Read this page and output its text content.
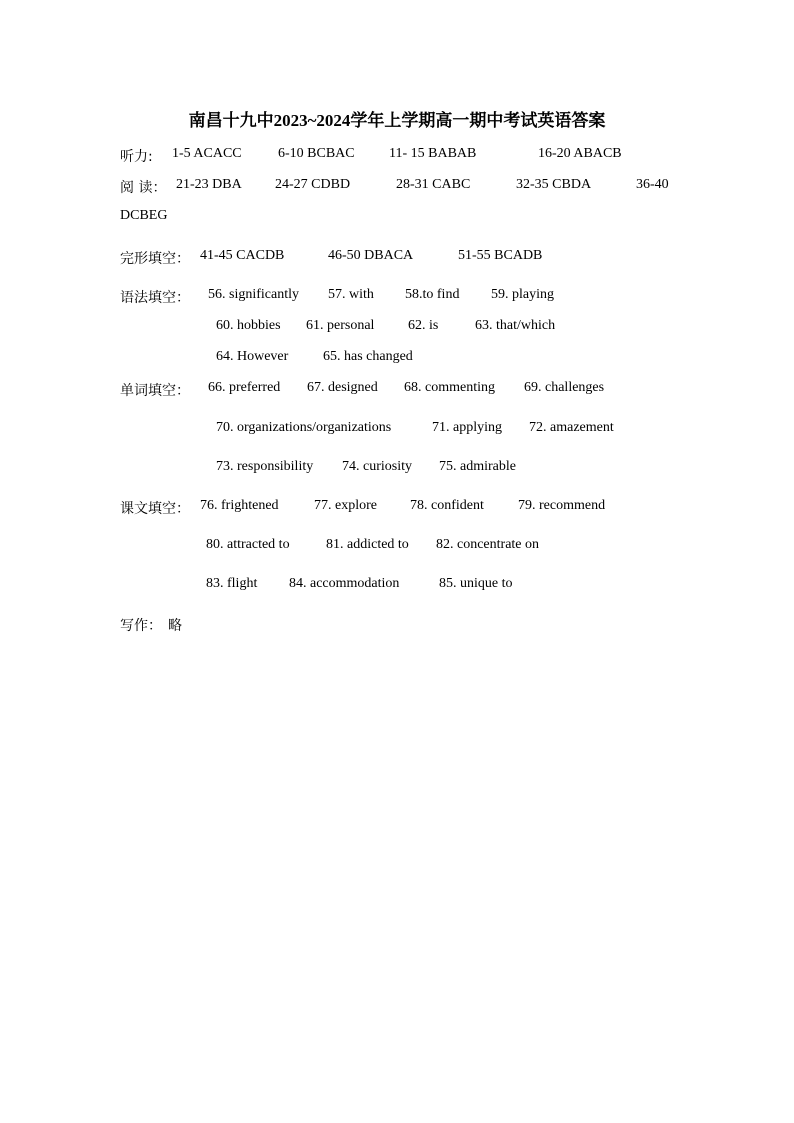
南昌十九中2023~2024学年上学期高一期中考试英语答案
听力: 1-5 ACACC	6-10 BCBAC 11- 15 BABAB	16-20 ABACB
阅 读： 21-23 DBA 24-27 CDBD	28-31 CABC	32-35 CBDA	36-40
DCBEG
完形填空： 41-45 CACDB	46-50 DBACA	51-55 BCADB
语法填空： 56. significantly 57. with 58.to find 59. playing
60. hobbies 61. personal 62. is	63. that/which
64. However 65. has changed
单词填空： 66. preferred 67. designed 68. commenting 69. challenges
70. organizations/organizations	71. applying 72. amazement
73. responsibility 74. curiosity 75. admirable
课文填空： 76. frightened	77. explore 78. confident 79. recommend
80. attracted to	81. addicted to 82. concentrate on
83. flight 84. accommodation	85. unique to
写作： 略
